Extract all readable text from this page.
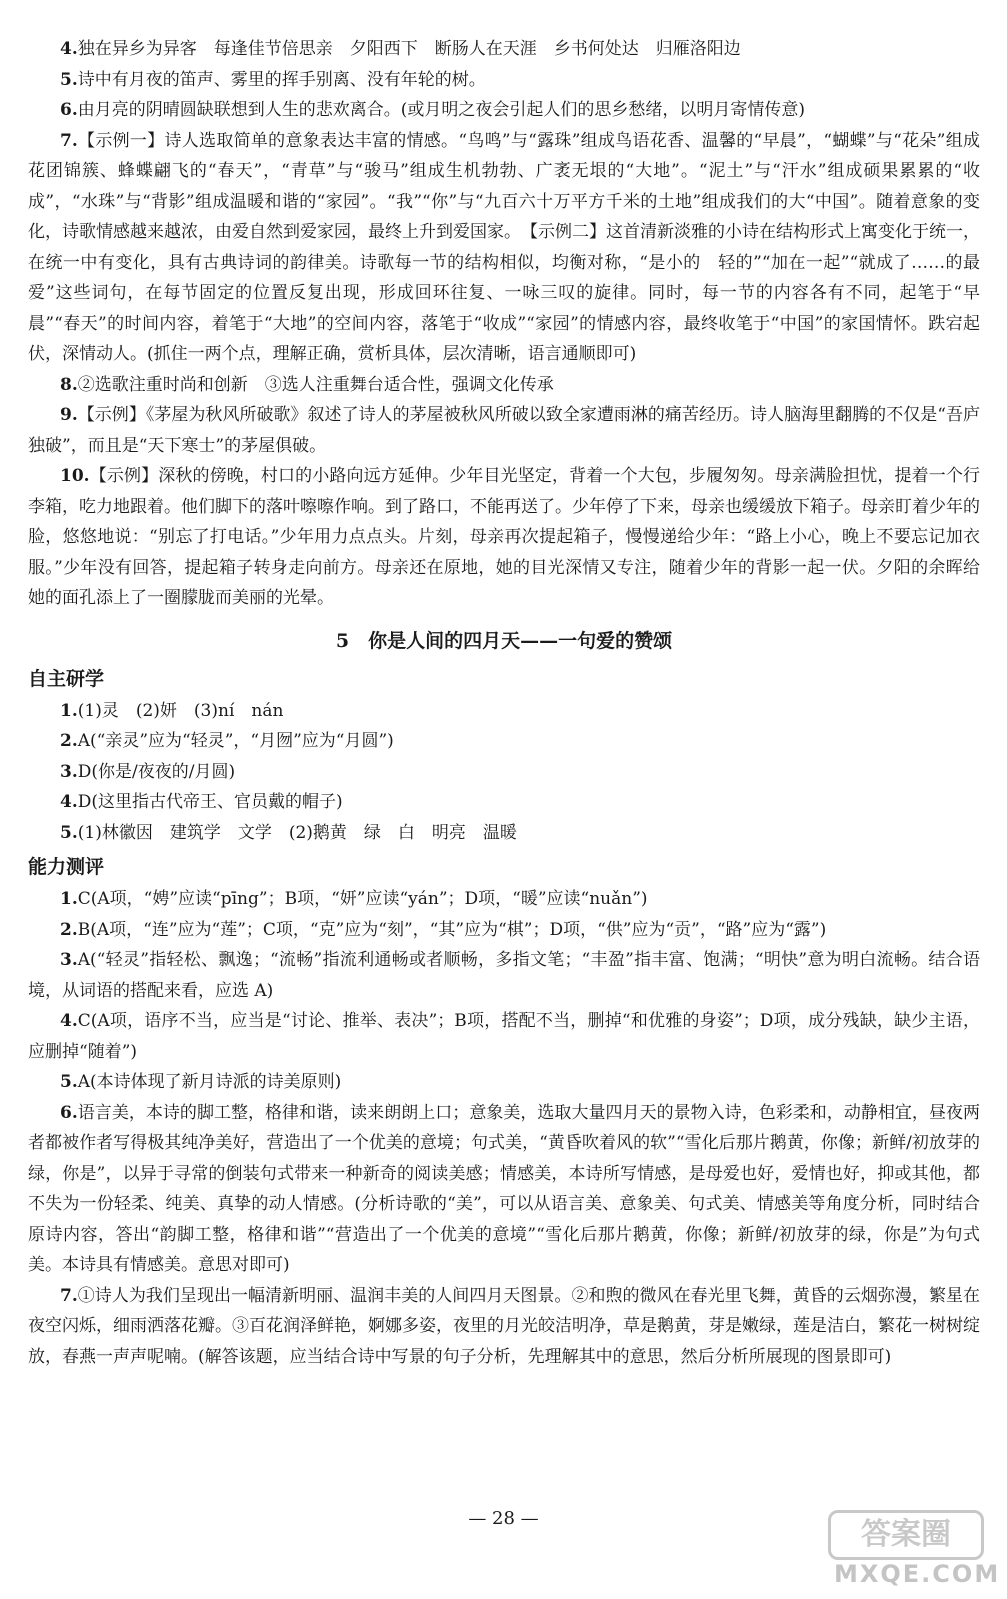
4.独在异乡为异客　每逢佳节倍思亲　夕阳西下　断肠人在天涯　乡书何处达　归雁洛阳边

5.诗中有月夜的笛声、雾里的挥手别离、没有年轮的树。

6.由月亮的阴晴圆缺联想到人生的悲欢离合。(或月明之夜会引起人们的思乡愁绪，以明月寄情传意)

7.【示例一】诗人选取简单的意象表达丰富的情感。“鸟鸣”与“露珠”组成鸟语花香、温馨的“早晨”，“蝴蝶”与“花朵”组成花团锦簇、蜂蝶翩飞的“春天”，“青草”与“骏马”组成生机勃勃、广袤无垠的“大地”。“泥土”与“汗水”组成硕果累累的“收成”，“水珠”与“背影”组成温暖和谐的“家园”。“我”“你”与“九百六十万平方千米的土地”组成我们的大“中国”。随着意象的变化，诗歌情感越来越浓，由爱自然到爱家园，最终上升到爱国家。　【示例二】这首清新淡雅的小诗在结构形式上寓变化于统一，在统一中有变化，具有古典诗词的韵律美。诗歌每一节的结构相似，均衡对称，“是小的　轻的”“加在一起”“就成了……的最爱”这些词句，在每节固定的位置反复出现，形成回环往复、一咏三叹的旋律。同时，每一节的内容各有不同，起笔于“早晨”“春天”的时间内容，着笔于“大地”的空间内容，落笔于“收成”“家园”的情感内容，最终收笔于“中国”的家国情怀。跌宕起伏，深情动人。(抓住一两个点，理解正确，赏析具体，层次清晰，语言通顺即可)

8.②选歌注重时尚和创新　③选人注重舞台适合性，强调文化传承

9.【示例】《茅屋为秋风所破歌》叙述了诗人的茅屋被秋风所破以致全家遭雨淋的痛苦经历。诗人脑海里翻腾的不仅是“吾庐独破”，而且是“天下寒士”的茅屋俱破。

10.【示例】深秋的傍晚，村口的小路向远方延伸。少年目光坚定，背着一个大包，步履匆匆。母亲满脸担忧，提着一个行李箱，吃力地跟着。他们脚下的落叶嚓嚓作响。到了路口，不能再送了。少年停了下来，母亲也缓缓放下箱子。母亲盯着少年的脸，悠悠地说：“别忘了打电话。”少年用力点点头。片刻，母亲再次提起箱子，慢慢递给少年：“路上小心，晚上不要忘记加衣服。”少年没有回答，提起箱子转身走向前方。母亲还在原地，她的目光深情又专注，随着少年的背影一起一伏。夕阳的余晖给她的面孔添上了一圈朦胧而美丽的光晕。

5　你是人间的四月天——一句爱的赞颂
自主研学

1.(1)灵　(2)妍　(3)ní　nán

2.A(“亲灵”应为“轻灵”，“月囫”应为“月圆”)

3.D(你是/夜夜的/月圆)

4.D(这里指古代帝王、官员戴的帽子)

5.(1)林徽因　建筑学　文学　(2)鹅黄　绿　白　明亮　温暖

能力测评

1.C(A项，“娉”应读“pīng”；B项，“妍”应读“yán”；D项，“暖”应读“nuǎn”)

2.B(A项，“连”应为“莲”；C项，“克”应为“刻”，“其”应为“棋”；D项，“供”应为“贡”，“路”应为“露”)

3.A(“轻灵”指轻松、飘逸；“流畅”指流利通畅或者顺畅，多指文笔；“丰盈”指丰富、饱满；“明快”意为明白流畅。结合语境，从词语的搭配来看，应选 A)

4.C(A项，语序不当，应当是“讨论、推举、表决”；B项，搭配不当，删掉“和优雅的身姿”；D项，成分残缺，缺少主语，应删掉“随着”)

5.A(本诗体现了新月诗派的诗美原则)

6.语言美，本诗的脚工整，格律和谐，读来朗朗上口；意象美，选取大量四月天的景物入诗，色彩柔和，动静相宜，昼夜两者都被作者写得极其纯净美好，营造出了一个优美的意境；句式美，“黄昏吹着风的软”“雪化后那片鹅黄，你像；新鲜/初放芽的绿，你是”，以异于寻常的倒装句式带来一种新奇的阅读美感；情感美，本诗所写情感，是母爱也好，爱情也好，抑或其他，都不失为一份轻柔、纯美、真挚的动人情感。(分析诗歌的“美”，可以从语言美、意象美、句式美、情感美等角度分析，同时结合原诗内容，答出“韵脚工整，格律和谐”“营造出了一个优美的意境”“雪化后那片鹅黄，你像；新鲜/初放芽的绿，你是”为句式美。本诗具有情感美。意思对即可)

7.①诗人为我们呈现出一幅清新明丽、温润丰美的人间四月天图景。②和煦的微风在春光里飞舞，黄昏的云烟弥漫，繁星在夜空闪烁，细雨洒落花瓣。③百花润泽鲜艳，婀娜多姿，夜里的月光皎洁明净，草是鹅黄，芽是嫩绿，莲是洁白，繁花一树树绽放，春燕一声声呢喃。(解答该题，应当结合诗中写景的句子分析，先理解其中的意思，然后分析所展现的图景即可)

— 28 —	答案圈
MXQE.COM
